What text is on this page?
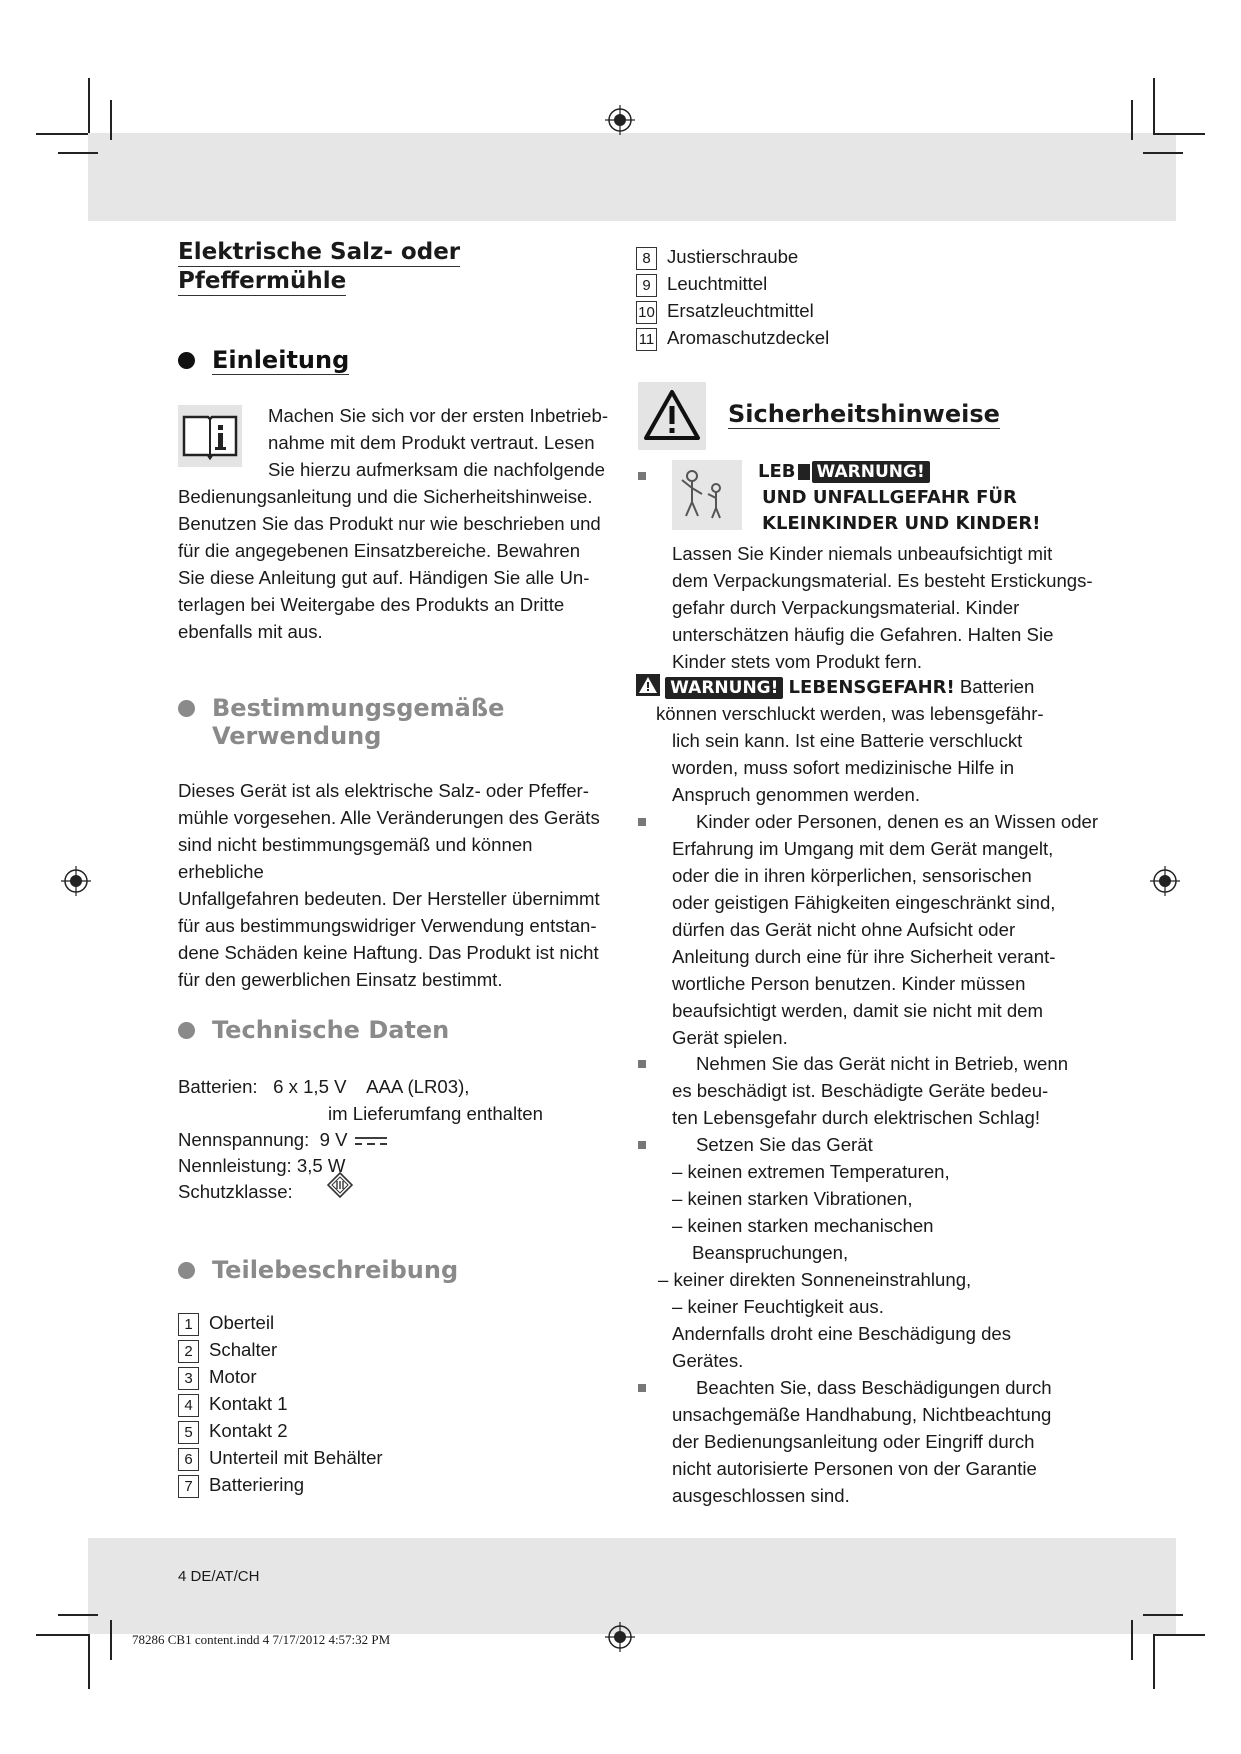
Elektrische Salz- oder

Pfeffermühle

Einleitung
Machen Sie sich vor der ersten Inbetrieb-
nahme mit dem Produkt vertraut. Lesen
Sie hierzu aufmerksam die nachfolgende
Bedienungsanleitung und die Sicherheitshinweise.
Benutzen Sie das Produkt nur wie beschrieben und
für die angegebenen Einsatzbereiche. Bewahren
Sie diese Anleitung gut auf. Händigen Sie alle Un-
terlagen bei Weitergabe des Produkts an Dritte
ebenfalls mit aus.
Bestimmungsgemäße
Verwendung
Dieses Gerät ist als elektrische Salz- oder Pfeffer-
mühle vorgesehen. Alle Veränderungen des Geräts
sind nicht bestimmungsgemäß und können erhebliche
Unfallgefahren bedeuten. Der Hersteller übernimmt
für aus bestimmungswidriger Verwendung entstan-
dene Schäden keine Haftung. Das Produkt ist nicht
für den gewerblichen Einsatz bestimmt.
Technische Daten
Batterien: 6 x 1,5 V AAA (LR03),
im Lieferumfang enthalten
Nennspannung: 9 V
Nennleistung: 3,5 W
Schutzklasse:
Teilebeschreibung
1 Oberteil
2 Schalter
3 Motor
4 Kontakt 1
5 Kontakt 2
6 Unterteil mit Behälter
7 Batteriering
8 Justierschraube
9 Leuchtmittel
10 Ersatzleuchtmittel
11 Aromaschutzdeckel
Sicherheitshinweise
LEB WARNUNG!
UND UNFALLGEFAHR FÜR
KLEINKINDER UND KINDER!
Lassen Sie Kinder niemals unbeaufsichtigt mit
dem Verpackungsmaterial. Es besteht Erstickungs-
gefahr durch Verpackungsmaterial. Kinder
unterschätzen häufig die Gefahren. Halten Sie
Kinder stets vom Produkt fern.
WARNUNG! LEBENSGEFAHR! Batterien
können verschluckt werden, was lebensgefähr-
lich sein kann. Ist eine Batterie verschluckt
worden, muss sofort medizinische Hilfe in
Anspruch genommen werden.
Kinder oder Personen, denen es an Wissen oder
Erfahrung im Umgang mit dem Gerät mangelt,
oder die in ihren körperlichen, sensorischen
oder geistigen Fähigkeiten eingeschränkt sind,
dürfen das Gerät nicht ohne Aufsicht oder
Anleitung durch eine für ihre Sicherheit verant-
wortliche Person benutzen. Kinder müssen
beaufsichtigt werden, damit sie nicht mit dem
Gerät spielen.
Nehmen Sie das Gerät nicht in Betrieb, wenn
es beschädigt ist. Beschädigte Geräte bedeu-
ten Lebensgefahr durch elektrischen Schlag!
Setzen Sie das Gerät
– keinen extremen Temperaturen,
– keinen starken Vibrationen,
– keinen starken mechanischen
Beanspruchungen,
– keiner direkten Sonneneinstrahlung,
– keiner Feuchtigkeit aus.
Andernfalls droht eine Beschädigung des
Gerätes.
Beachten Sie, dass Beschädigungen durch
unsachgemäße Handhabung, Nichtbeachtung
der Bedienungsanleitung oder Eingriff durch
nicht autorisierte Personen von der Garantie
ausgeschlossen sind.
4 DE/AT/CH
78286 CB1 content.indd 4 7/17/2012 4:57:32 PM
